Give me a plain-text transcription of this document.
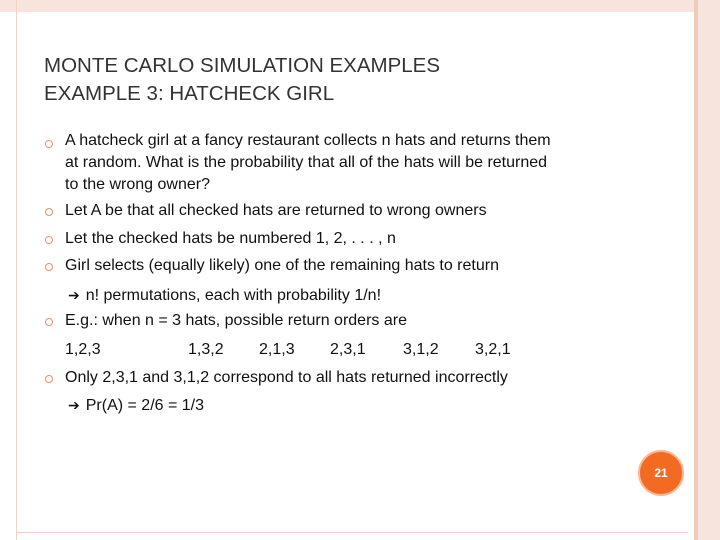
MONTE CARLO SIMULATION EXAMPLES
EXAMPLE 3: HATCHECK GIRL
A hatcheck girl at a fancy restaurant collects n hats and returns them
at random. What is the probability that all of the hats will be returned
to the wrong owner?
Let A be that all checked hats are returned to wrong owners
Let the checked hats be numbered 1, 2, . . . , n
Girl selects (equally likely) one of the remaining hats to return
➔ n! permutations, each with probability 1/n!
E.g.: when n = 3 hats, possible return orders are
1,2,3	1,3,2 2,1,3 2,3,1 3,1,2 3,2,1
Only 2,3,1 and 3,1,2 correspond to all hats returned incorrectly
➔ Pr(A) = 2/6 = 1/3
21
